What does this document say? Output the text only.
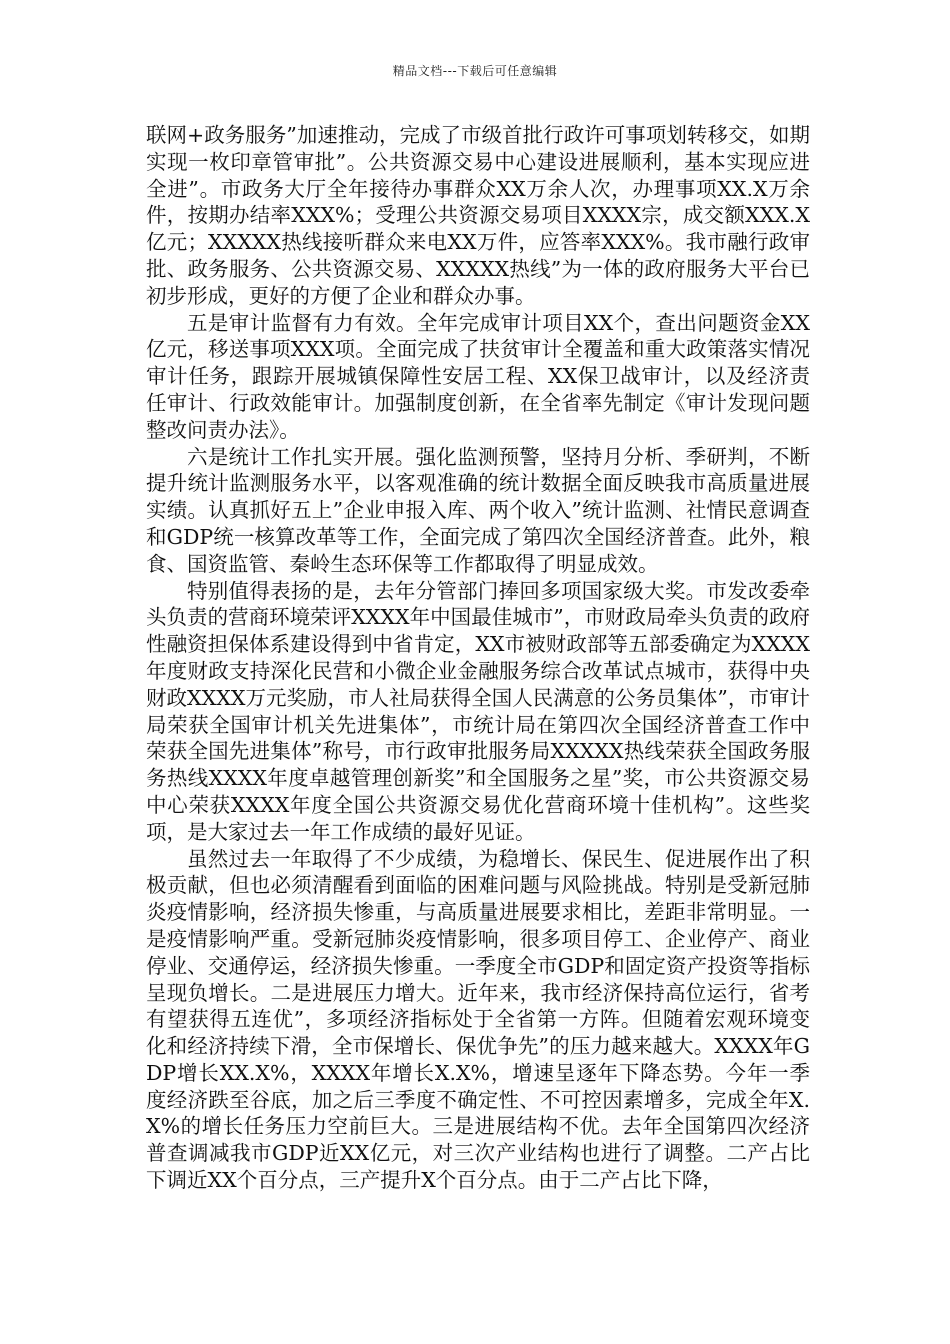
精品文档---下载后可任意编辑

联网+政务服务”加速推动，完成了市级首批行政许可事项划转移交，如期实现一枚印章管审批”。公共资源交易中心建设进展顺利，基本实现应进全进”。市政务大厅全年接待办事群众XX万余人次，办理事项XX.X万余件，按期办结率XXX%；受理公共资源交易项目XXXX宗，成交额XXX.X亿元；XXXXX热线接听群众来电XX万件，应答率XXX%。我市融行政审批、政务服务、公共资源交易、XXXXX热线”为一体的政府服务大平台已初步形成，更好的方便了企业和群众办事。

五是审计监督有力有效。全年完成审计项目XX个，查出问题资金XX亿元，移送事项XXX项。全面完成了扶贫审计全覆盖和重大政策落实情况审计任务，跟踪开展城镇保障性安居工程、XX保卫战审计，以及经济责任审计、行政效能审计。加强制度创新，在全省率先制定《审计发现问题整改问责办法》。

六是统计工作扎实开展。强化监测预警，坚持月分析、季研判，不断提升统计监测服务水平，以客观准确的统计数据全面反映我市高质量进展实绩。认真抓好五上”企业申报入库、两个收入”统计监测、社情民意调查和GDP统一核算改革等工作，全面完成了第四次全国经济普查。此外，粮食、国资监管、秦岭生态环保等工作都取得了明显成效。

特别值得表扬的是，去年分管部门捧回多项国家级大奖。市发改委牵头负责的营商环境荣评XXXX年中国最佳城市”，市财政局牵头负责的政府性融资担保体系建设得到中省肯定，XX市被财政部等五部委确定为XXXX年度财政支持深化民营和小微企业金融服务综合改革试点城市，获得中央财政XXXX万元奖励，市人社局获得全国人民满意的公务员集体”，市审计局荣获全国审计机关先进集体”，市统计局在第四次全国经济普查工作中荣获全国先进集体”称号，市行政审批服务局XXXXX热线荣获全国政务服务热线XXXX年度卓越管理创新奖”和全国服务之星”奖，市公共资源交易中心荣获XXXX年度全国公共资源交易优化营商环境十佳机构”。这些奖项，是大家过去一年工作成绩的最好见证。

虽然过去一年取得了不少成绩，为稳增长、保民生、促进展作出了积极贡献，但也必须清醒看到面临的困难问题与风险挑战。特别是受新冠肺炎疫情影响，经济损失惨重，与高质量进展要求相比，差距非常明显。一是疫情影响严重。受新冠肺炎疫情影响，很多项目停工、企业停产、商业停业、交通停运，经济损失惨重。一季度全市GDP和固定资产投资等指标呈现负增长。二是进展压力增大。近年来，我市经济保持高位运行，省考有望获得五连优”，多项经济指标处于全省第一方阵。但随着宏观环境变化和经济持续下滑，全市保增长、保优争先”的压力越来越大。XXXX年GDP增长XX.X%，XXXX年增长X.X%，增速呈逐年下降态势。今年一季度经济跌至谷底，加之后三季度不确定性、不可控因素增多，完成全年X.X%的增长任务压力空前巨大。三是进展结构不优。去年全国第四次经济普查调减我市GDP近XX亿元，对三次产业结构也进行了调整。二产占比下调近XX个百分点，三产提升X个百分点。由于二产占比下降，
